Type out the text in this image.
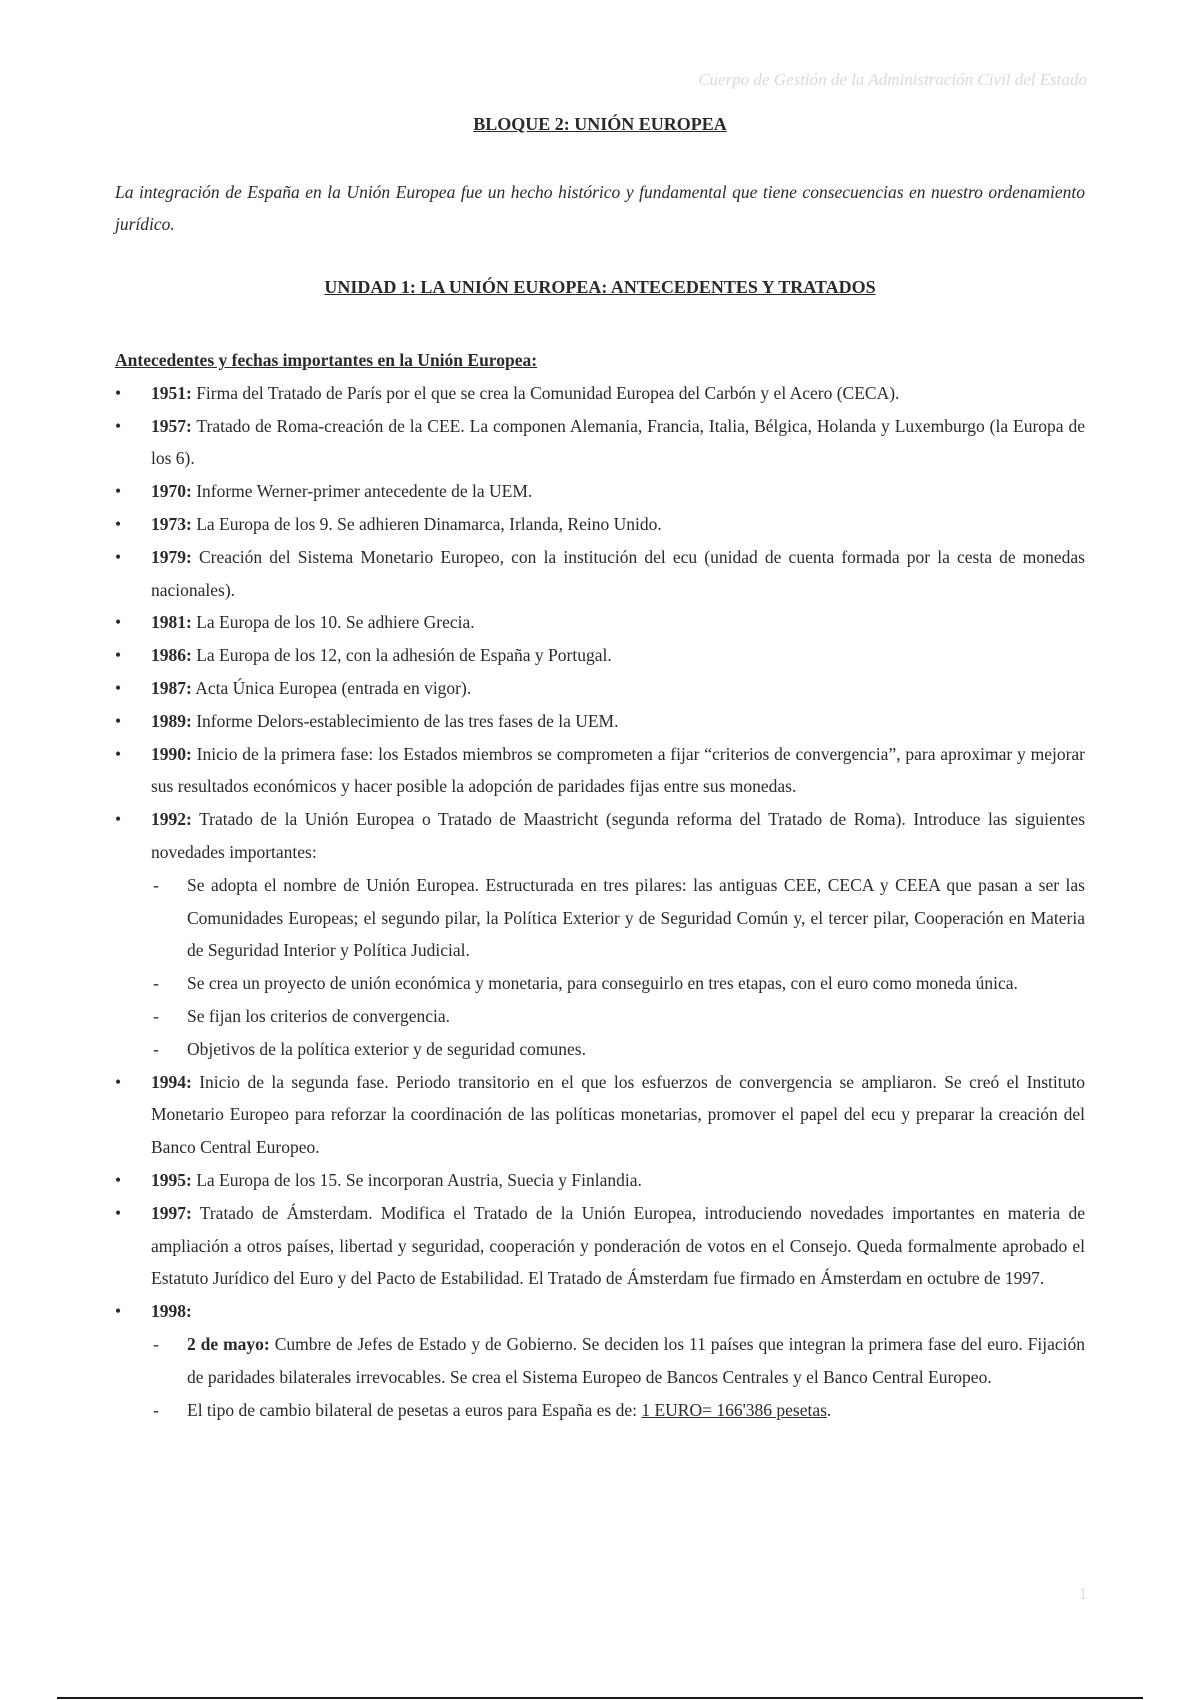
Cuerpo de Gestión de la Administración Civil del Estado
BLOQUE 2: UNIÓN EUROPEA

La integración de España en la Unión Europea fue un hecho histórico y fundamental que tiene consecuencias en nuestro ordenamiento jurídico.

UNIDAD 1: LA UNIÓN EUROPEA: ANTECEDENTES Y TRATADOS

Antecedentes y fechas importantes en la Unión Europea:

• 1951: Firma del Tratado de París por el que se crea la Comunidad Europea del Carbón y el Acero (CECA).
• 1957: Tratado de Roma-creación de la CEE. La componen Alemania, Francia, Italia, Bélgica, Holanda y Luxemburgo (la Europa de los 6).
• 1970: Informe Werner-primer antecedente de la UEM.
• 1973: La Europa de los 9. Se adhieren Dinamarca, Irlanda, Reino Unido.
• 1979: Creación del Sistema Monetario Europeo, con la institución del ecu (unidad de cuenta formada por la cesta de monedas nacionales).
• 1981: La Europa de los 10. Se adhiere Grecia.
• 1986: La Europa de los 12, con la adhesión de España y Portugal.
• 1987: Acta Única Europea (entrada en vigor).
• 1989: Informe Delors-establecimiento de las tres fases de la UEM.
• 1990: Inicio de la primera fase: los Estados miembros se comprometen a fijar “criterios de convergencia”, para aproximar y mejorar sus resultados económicos y hacer posible la adopción de paridades fijas entre sus monedas.
• 1992: Tratado de la Unión Europea o Tratado de Maastricht (segunda reforma del Tratado de Roma). Introduce las siguientes novedades importantes:
- Se adopta el nombre de Unión Europea. Estructurada en tres pilares: las antiguas CEE, CECA y CEEA que pasan a ser las Comunidades Europeas; el segundo pilar, la Política Exterior y de Seguridad Común y, el tercer pilar, Cooperación en Materia de Seguridad Interior y Política Judicial.
- Se crea un proyecto de unión económica y monetaria, para conseguirlo en tres etapas, con el euro como moneda única.
- Se fijan los criterios de convergencia.
- Objetivos de la política exterior y de seguridad comunes.
• 1994: Inicio de la segunda fase. Periodo transitorio en el que los esfuerzos de convergencia se ampliaron. Se creó el Instituto Monetario Europeo para reforzar la coordinación de las políticas monetarias, promover el papel del ecu y preparar la creación del Banco Central Europeo.
• 1995: La Europa de los 15. Se incorporan Austria, Suecia y Finlandia.
• 1997: Tratado de Ámsterdam. Modifica el Tratado de la Unión Europea, introduciendo novedades importantes en materia de ampliación a otros países, libertad y seguridad, cooperación y ponderación de votos en el Consejo. Queda formalmente aprobado el Estatuto Jurídico del Euro y del Pacto de Estabilidad. El Tratado de Ámsterdam fue firmado en Ámsterdam en octubre de 1997.
• 1998:
- 2 de mayo: Cumbre de Jefes de Estado y de Gobierno. Se deciden los 11 países que integran la primera fase del euro. Fijación de paridades bilaterales irrevocables. Se crea el Sistema Europeo de Bancos Centrales y el Banco Central Europeo.
- El tipo de cambio bilateral de pesetas a euros para España es de: 1 EURO= 166'386 pesetas.
1
